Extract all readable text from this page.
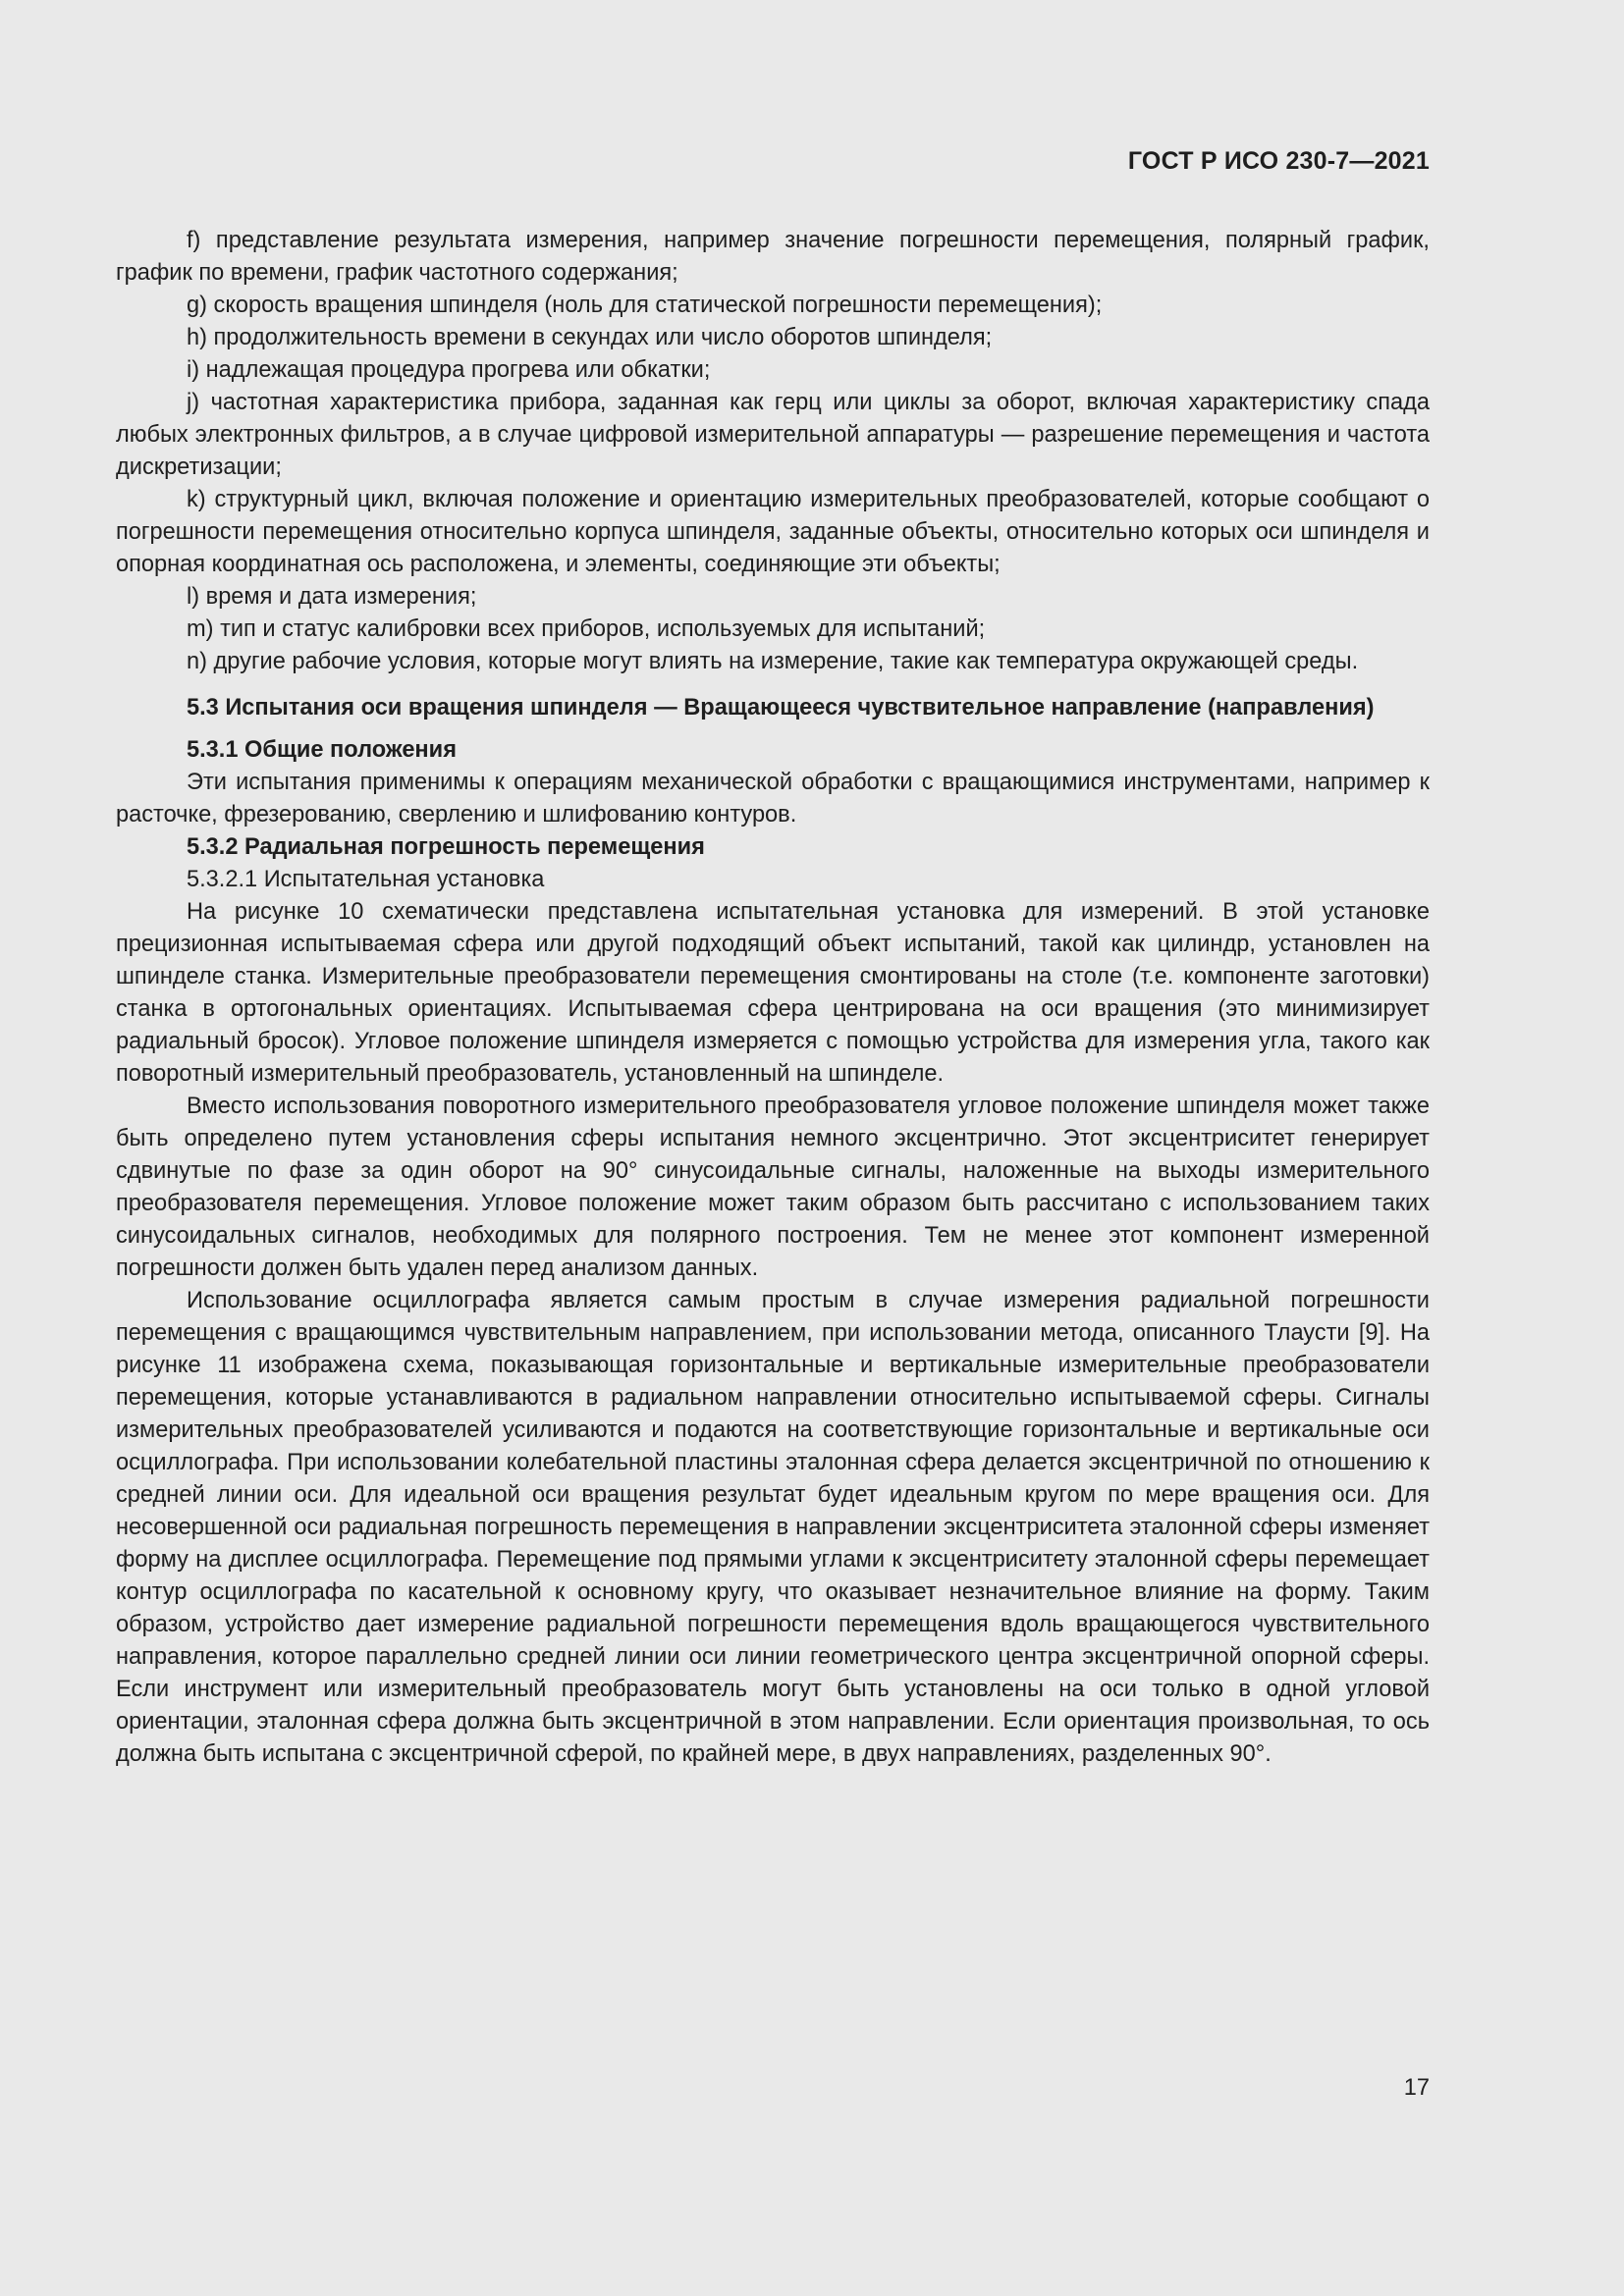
ГОСТ Р ИСО 230-7—2021

f) представление результата измерения, например значение погрешности перемещения, полярный график, график по времени, график частотного содержания;

g) скорость вращения шпинделя (ноль для статической погрешности перемещения);

h) продолжительность времени в секундах или число оборотов шпинделя;

i) надлежащая процедура прогрева или обкатки;

j) частотная характеристика прибора, заданная как герц или циклы за оборот, включая характеристику спада любых электронных фильтров, а в случае цифровой измерительной аппаратуры — разрешение перемещения и частота дискретизации;

k) структурный цикл, включая положение и ориентацию измерительных преобразователей, которые сообщают о погрешности перемещения относительно корпуса шпинделя, заданные объекты, относительно которых оси шпинделя и опорная координатная ось расположена, и элементы, соединяющие эти объекты;

l) время и дата измерения;

m) тип и статус калибровки всех приборов, используемых для испытаний;

n) другие рабочие условия, которые могут влиять на измерение, такие как температура окружающей среды.

5.3 Испытания оси вращения шпинделя — Вращающееся чувствительное направление (направления)

5.3.1 Общие положения

Эти испытания применимы к операциям механической обработки с вращающимися инструментами, например к расточке, фрезерованию, сверлению и шлифованию контуров.

5.3.2 Радиальная погрешность перемещения

5.3.2.1 Испытательная установка

На рисунке 10 схематически представлена испытательная установка для измерений. В этой установке прецизионная испытываемая сфера или другой подходящий объект испытаний, такой как цилиндр, установлен на шпинделе станка. Измерительные преобразователи перемещения смонтированы на столе (т.е. компоненте заготовки) станка в ортогональных ориентациях. Испытываемая сфера центрирована на оси вращения (это минимизирует радиальный бросок). Угловое положение шпинделя измеряется с помощью устройства для измерения угла, такого как поворотный измерительный преобразователь, установленный на шпинделе.

Вместо использования поворотного измерительного преобразователя угловое положение шпинделя может также быть определено путем установления сферы испытания немного эксцентрично. Этот эксцентриситет генерирует сдвинутые по фазе за один оборот на 90° синусоидальные сигналы, наложенные на выходы измерительного преобразователя перемещения. Угловое положение может таким образом быть рассчитано с использованием таких синусоидальных сигналов, необходимых для полярного построения. Тем не менее этот компонент измеренной погрешности должен быть удален перед анализом данных.

Использование осциллографа является самым простым в случае измерения радиальной погрешности перемещения с вращающимся чувствительным направлением, при использовании метода, описанного Тлаусти [9]. На рисунке 11 изображена схема, показывающая горизонтальные и вертикальные измерительные преобразователи перемещения, которые устанавливаются в радиальном направлении относительно испытываемой сферы. Сигналы измерительных преобразователей усиливаются и подаются на соответствующие горизонтальные и вертикальные оси осциллографа. При использовании колебательной пластины эталонная сфера делается эксцентричной по отношению к средней линии оси. Для идеальной оси вращения результат будет идеальным кругом по мере вращения оси. Для несовершенной оси радиальная погрешность перемещения в направлении эксцентриситета эталонной сферы изменяет форму на дисплее осциллографа. Перемещение под прямыми углами к эксцентриситету эталонной сферы перемещает контур осциллографа по касательной к основному кругу, что оказывает незначительное влияние на форму. Таким образом, устройство дает измерение радиальной погрешности перемещения вдоль вращающегося чувствительного направления, которое параллельно средней линии оси линии геометрического центра эксцентричной опорной сферы. Если инструмент или измерительный преобразователь могут быть установлены на оси только в одной угловой ориентации, эталонная сфера должна быть эксцентричной в этом направлении. Если ориентация произвольная, то ось должна быть испытана с эксцентричной сферой, по крайней мере, в двух направлениях, разделенных 90°.

17
